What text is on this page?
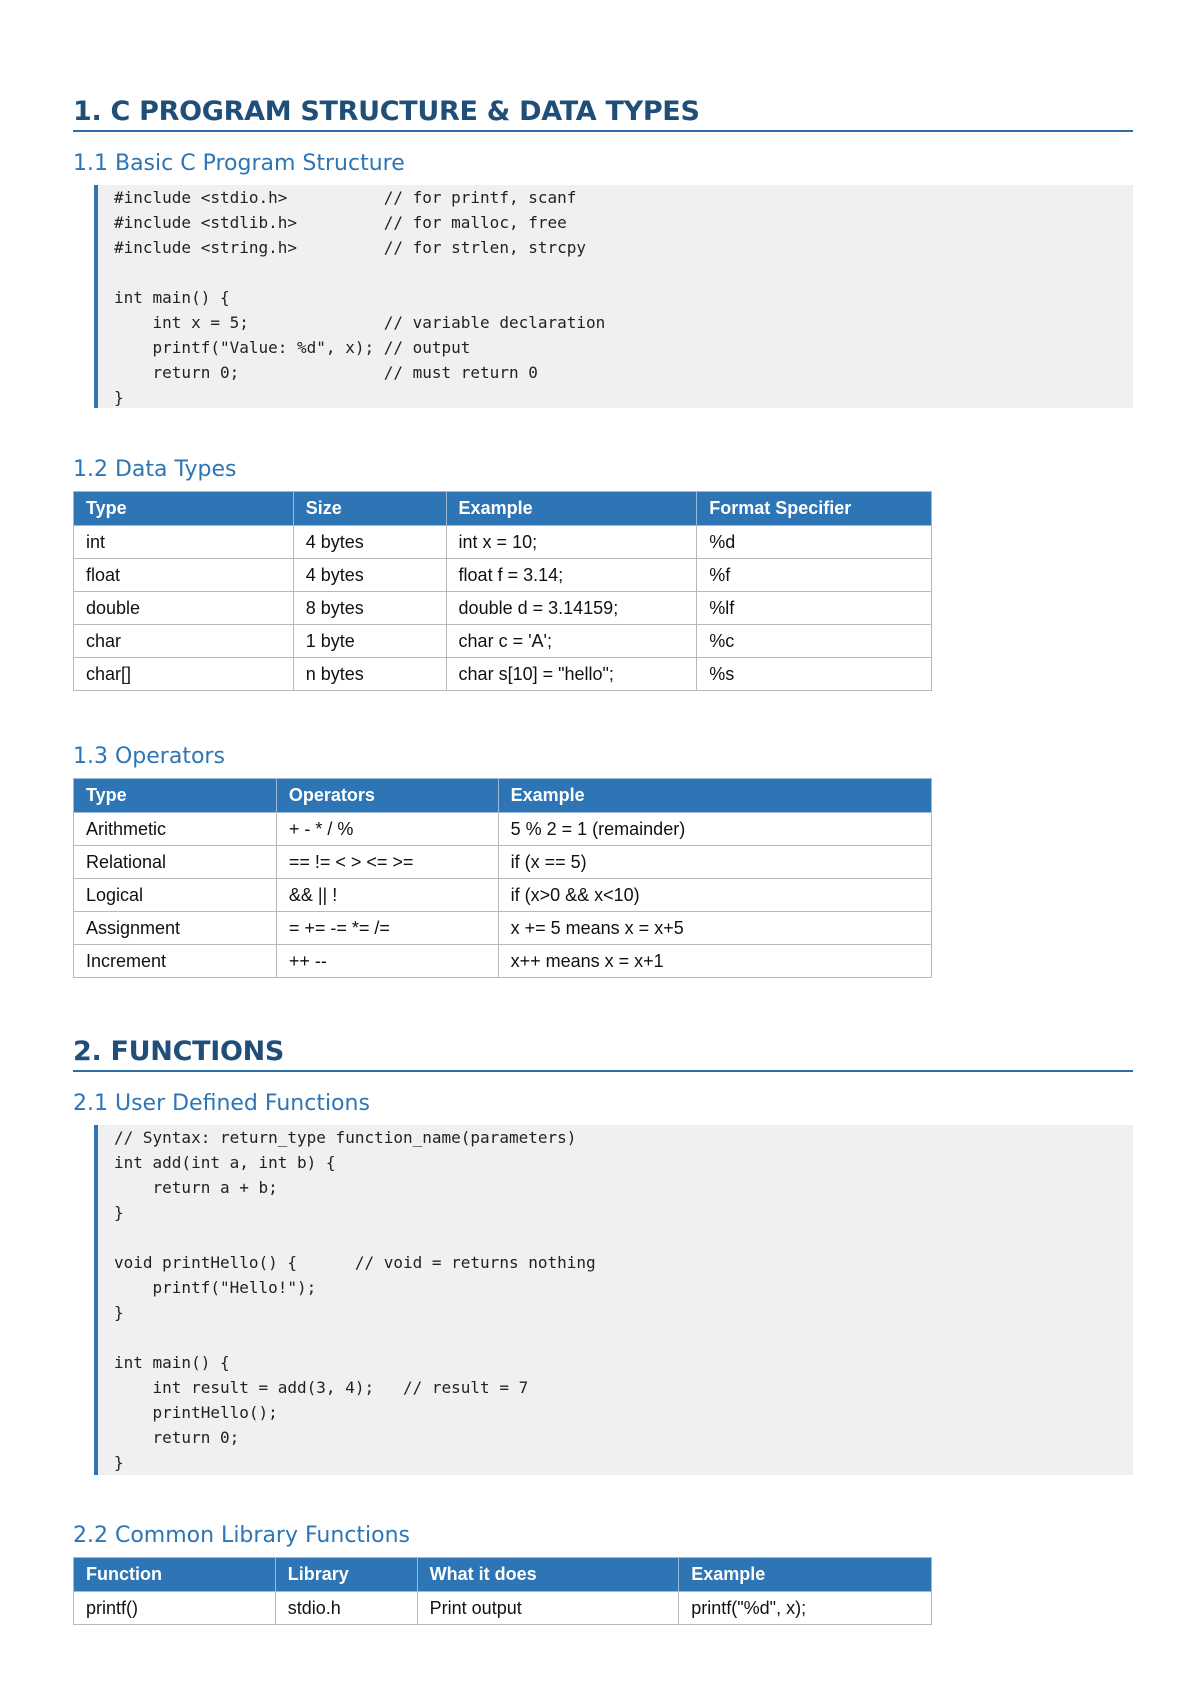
1. C PROGRAM STRUCTURE & DATA TYPES
1.1 Basic C Program Structure
#include <stdio.h>          // for printf, scanf
#include <stdlib.h>         // for malloc, free
#include <string.h>         // for strlen, strcpy
int main() {
int x = 5;              // variable declaration
printf("Value: %d", x); // output
return 0;               // must return 0
}
1.2 Data Types
Type	Size	Example	Format Specifier
int	4 bytes	int x = 10;	%d
float	4 bytes	float f = 3.14;	%f
double	8 bytes	double d = 3.14159;	%lf
char	1 byte	char c = 'A';	%c
char[]	n bytes	char s[10] = "hello";	%s
1.3 Operators
Type	Operators	Example
Arithmetic	+ - * / %	5 % 2 = 1 (remainder)
Relational	== != < > <= >=	if (x == 5)
Logical	&& || !	if (x>0 && x<10)
Assignment	= += -= *= /=	x += 5 means x = x+5
Increment	++ --	x++ means x = x+1
2. FUNCTIONS
2.1 User Defined Functions
// Syntax: return_type function_name(parameters)
int add(int a, int b) {
return a + b;
}
void printHello() {      // void = returns nothing
printf("Hello!");
}
int main() {
int result = add(3, 4);   // result = 7
printHello();
return 0;
}
2.2 Common Library Functions
Function	Library	What it does	Example
printf()	stdio.h	Print output	printf("%d", x);
